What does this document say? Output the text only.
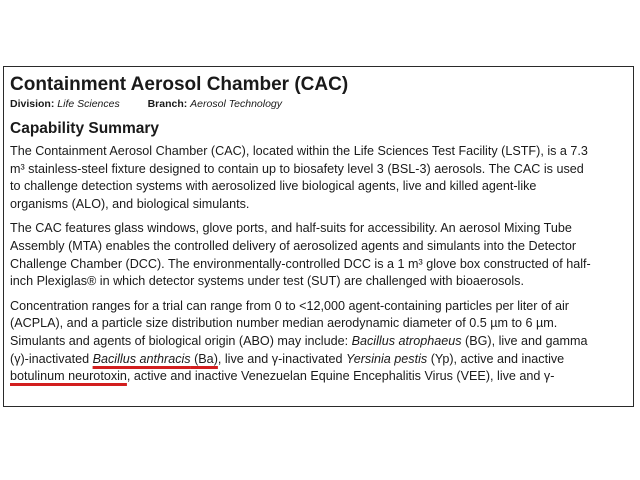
Containment Aerosol Chamber (CAC)
Division: Life Sciences	Branch: Aerosol Technology
Capability Summary

The Containment Aerosol Chamber (CAC), located within the Life Sciences Test Facility (LSTF), is a 7.3
m³ stainless-steel fixture designed to contain up to biosafety level 3 (BSL-3) aerosols. The CAC is used
to challenge detection systems with aerosolized live biological agents, live and killed agent-like
organisms (ALO), and biological simulants.

The CAC features glass windows, glove ports, and half-suits for accessibility. An aerosol Mixing Tube
Assembly (MTA) enables the controlled delivery of aerosolized agents and simulants into the Detector
Challenge Chamber (DCC). The environmentally-controlled DCC is a 1 m³ glove box constructed of half-
inch Plexiglas® in which detector systems under test (SUT) are challenged with bioaerosols.

Concentration ranges for a trial can range from 0 to <12,000 agent-containing particles per liter of air
(ACPLA), and a particle size distribution number median aerodynamic diameter of 0.5 µm to 6 µm.
Simulants and agents of biological origin (ABO) may include: Bacillus atrophaeus (BG), live and gamma
(γ)-inactivated Bacillus anthracis (Ba), live and γ-inactivated Yersinia pestis (Yp), active and inactive
botulinum neurotoxin, active and inactive Venezuelan Equine Encephalitis Virus (VEE), live and γ-
